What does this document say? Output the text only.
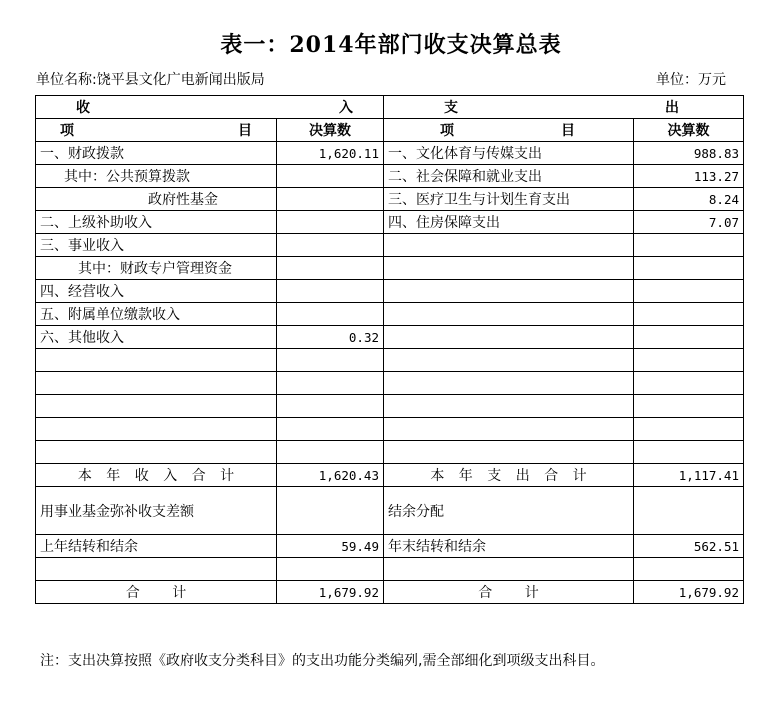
表一：2014年部门收支决算总表
单位名称:饶平县文化广电新闻出版局	单位：万元
收 入		支 出	

项 目	决算数	项 目	决算数
一、财政拨款	1,620.11	一、文化体育与传媒支出	988.83
其中：公共预算拨款		二、社会保障和就业支出	113.27
政府性基金		三、医疗卫生与计划生育支出	8.24
二、上级补助收入		四、住房保障支出	7.07
三、事业收入			
其中：财政专户管理资金			
四、经营收入			
五、附属单位缴款收入			
六、其他收入	0.32		

本 年 收 入 合 计	1,620.43	本 年 支 出 合 计	1,117.41
用事业基金弥补收支差额		结余分配	
上年结转和结余	59.49	年末结转和结余	562.51

合 计	1,679.92	合 计	1,679.92
注：支出决算按照《政府收支分类科目》的支出功能分类编列,需全部细化到项级支出科目。
